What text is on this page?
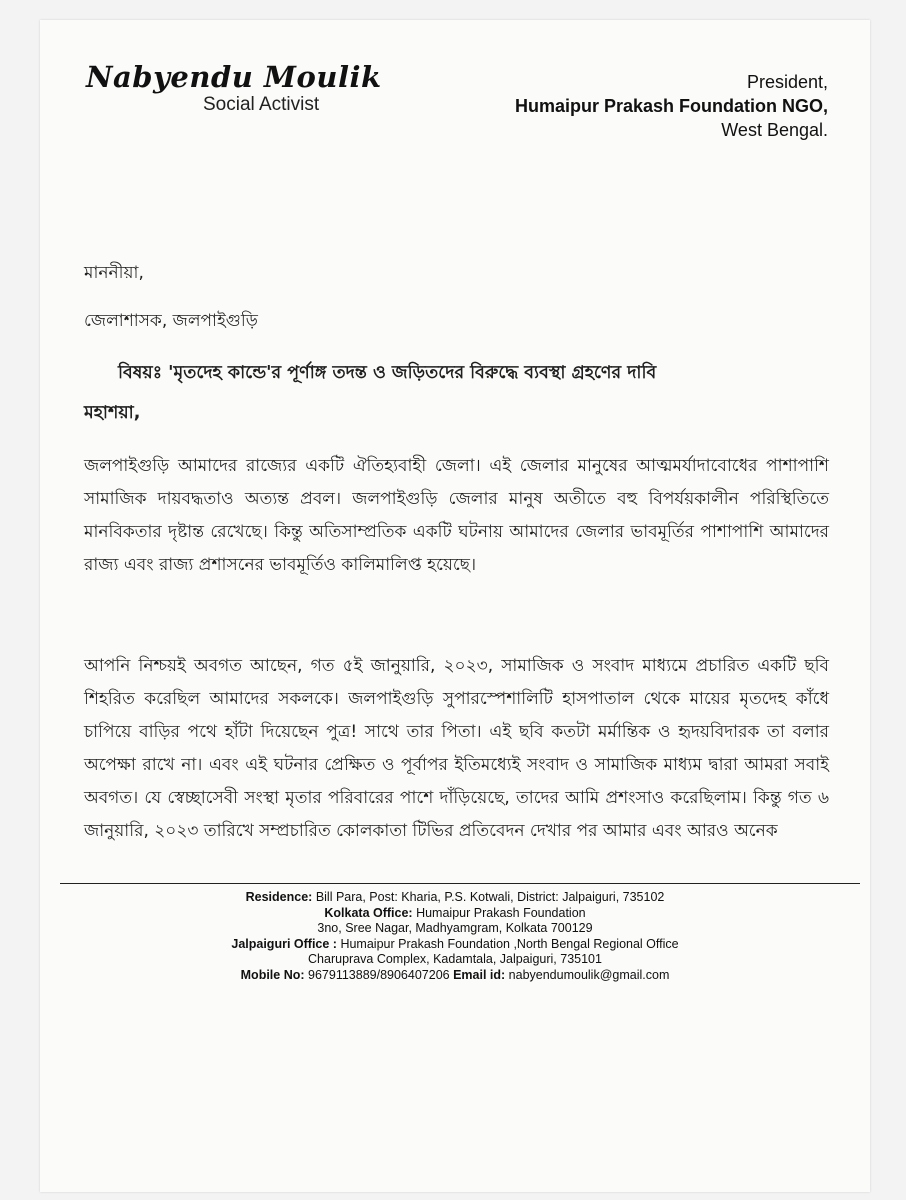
Nabyendu Moulik
Social Activist
President,
Humaipur Prakash Foundation NGO,
West Bengal.
মাননীয়া,
জেলাশাসক, জলপাইগুড়ি
বিষয়ঃ 'মৃতদেহ কান্ডে'র পূর্ণাঙ্গ তদন্ত ও জড়িতদের বিরুদ্ধে ব্যবস্থা গ্রহণের দাবি
মহাশয়া,
জলপাইগুড়ি আমাদের রাজ্যের একটি ঐতিহ্যবাহী জেলা। এই জেলার মানুষের আত্মমর্যাদাবোধের পাশাপাশি সামাজিক দায়বদ্ধতাও অত্যন্ত প্রবল। জলপাইগুড়ি জেলার মানুষ অতীতে বহু বিপর্যয়কালীন পরিস্থিতিতে মানবিকতার দৃষ্টান্ত রেখেছে। কিন্তু অতিসাম্প্রতিক একটি ঘটনায় আমাদের জেলার ভাবমূর্তির পাশাপাশি আমাদের রাজ্য এবং রাজ্য প্রশাসনের ভাবমূর্তিও কালিমালিপ্ত হয়েছে।
আপনি নিশ্চয়ই অবগত আছেন, গত ৫ই জানুয়ারি, ২০২৩, সামাজিক ও সংবাদ মাধ্যমে প্রচারিত একটি ছবি শিহরিত করেছিল আমাদের সকলকে। জলপাইগুড়ি সুপারস্পেশালিটি হাসপাতাল থেকে মায়ের মৃতদেহ কাঁধে চাপিয়ে বাড়ির পথে হাঁটা দিয়েছেন পুত্র! সাথে তার পিতা। এই ছবি কতটা মর্মান্তিক ও হৃদয়বিদারক তা বলার অপেক্ষা রাখে না। এবং এই ঘটনার প্রেক্ষিত ও পূর্বাপর ইতিমধ্যেই সংবাদ ও সামাজিক মাধ্যম দ্বারা আমরা সবাই অবগত। যে স্বেচ্ছাসেবী সংস্থা মৃতার পরিবারের পাশে দাঁড়িয়েছে, তাদের আমি প্রশংসাও করেছিলাম। কিন্তু গত ৬ জানুয়ারি, ২০২৩ তারিখে সম্প্রচারিত কোলকাতা টিভির প্রতিবেদন দেখার পর আমার এবং আরও অনেক
Residence: Bill Para, Post: Kharia, P.S. Kotwali, District: Jalpaiguri, 735102
Kolkata Office: Humaipur Prakash Foundation
3no, Sree Nagar, Madhyamgram, Kolkata 700129
Jalpaiguri Office : Humaipur Prakash Foundation ,North Bengal Regional Office
Charuprava Complex, Kadamtala, Jalpaiguri, 735101
Mobile No: 9679113889/8906407206 Email id: nabyendumoulik@gmail.com
